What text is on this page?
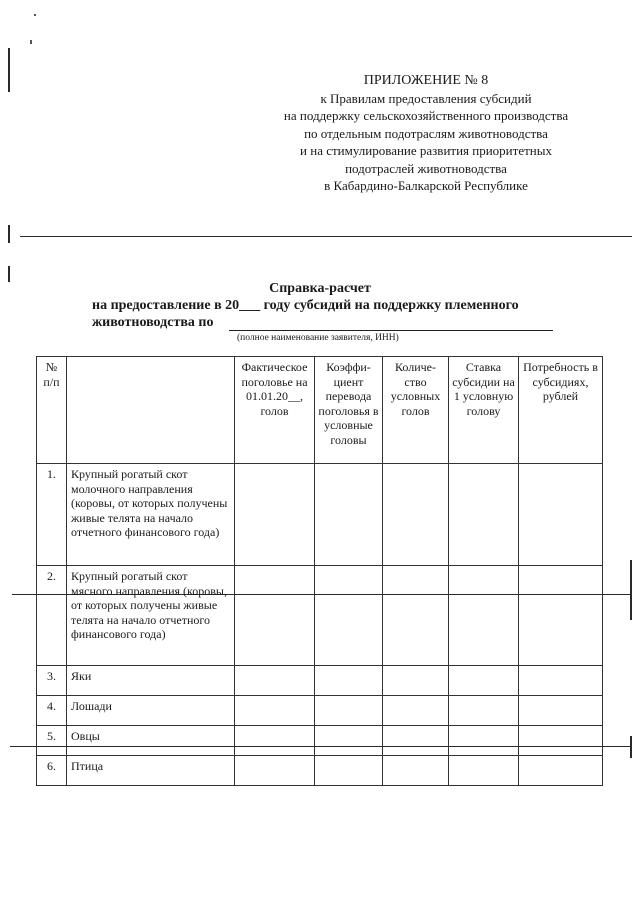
ПРИЛОЖЕНИЕ № 8
к Правилам предоставления субсидий
на поддержку сельскохозяйственного производства
по отдельным подотраслям животноводства
и на стимулирование развития приоритетных
подотраслей животноводства
в Кабардино-Балкарской Республике
Справка-расчет
на предоставление в 20___ году субсидий на поддержку племенного
животноводства по
(полное наименование заявителя, ИНН)
№ п/п		Фактическое поголовье на 01.01.20__, голов	Коэффи-циент перевода поголовья в условные головы	Количе-ство условных голов	Ставка субсидии на 1 условную голову	Потребность в субсидиях, рублей
1.	Крупный рогатый скот молочного направления (коровы, от которых получены живые телята на начало отчетного финансового года)					
2.	Крупный рогатый скот мясного направления (коровы, от которых получены живые телята на начало отчетного финансового года)					
3.	Яки					
4.	Лошади					
5.	Овцы					
6.	Птица					
